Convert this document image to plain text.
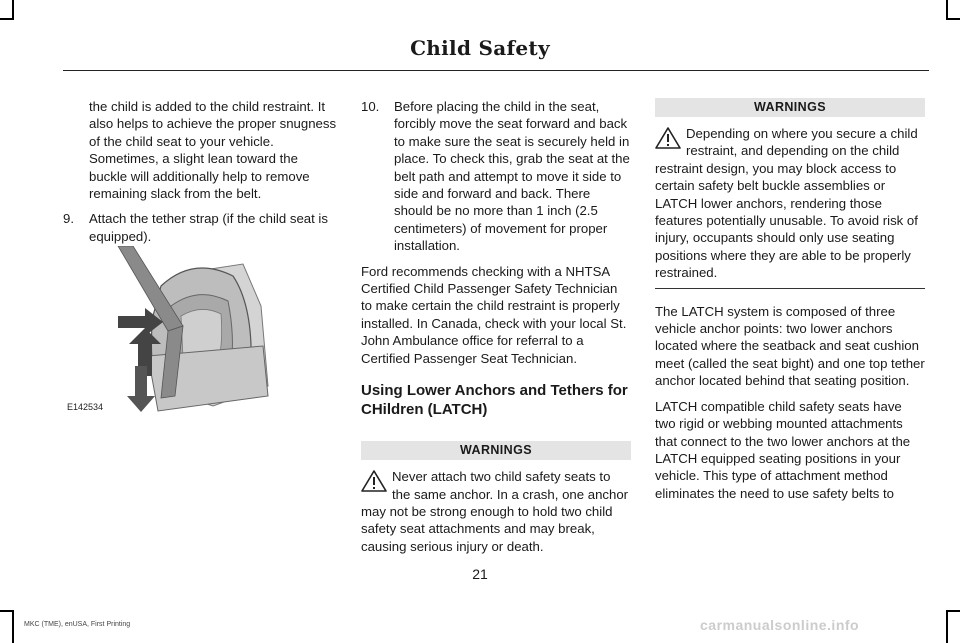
Child Safety

the child is added to the child restraint. It also helps to achieve the proper snugness of the child seat to your vehicle. Sometimes, a slight lean toward the buckle will additionally help to remove remaining slack from the belt.

9. Attach the tether strap (if the child seat is equipped).
E142534
10. Before placing the child in the seat, forcibly move the seat forward and back to make sure the seat is securely held in place. To check this, grab the seat at the belt path and attempt to move it side to side and forward and back. There should be no more than 1 inch (2.5 centimeters) of movement for proper installation.

Ford recommends checking with a NHTSA Certified Child Passenger Safety Technician to make certain the child restraint is properly installed. In Canada, check with your local St. John Ambulance office for referral to a Certified Passenger Seat Technician.

Using Lower Anchors and Tethers for CHildren (LATCH)
WARNINGS
Never attach two child safety seats to the same anchor. In a crash, one anchor may not be strong enough to hold two child safety seat attachments and may break, causing serious injury or death.
WARNINGS
Depending on where you secure a child restraint, and depending on the child restraint design, you may block access to certain safety belt buckle assemblies or LATCH lower anchors, rendering those features potentially unusable. To avoid risk of injury, occupants should only use seating positions where they are able to be properly restrained.

The LATCH system is composed of three vehicle anchor points: two lower anchors located where the seatback and seat cushion meet (called the seat bight) and one top tether anchor located behind that seating position.

LATCH compatible child safety seats have two rigid or webbing mounted attachments that connect to the two lower anchors at the LATCH equipped seating positions in your vehicle. This type of attachment method eliminates the need to use safety belts to

21
MKC (TME), enUSA, First Printing	carmanualsonline.info
